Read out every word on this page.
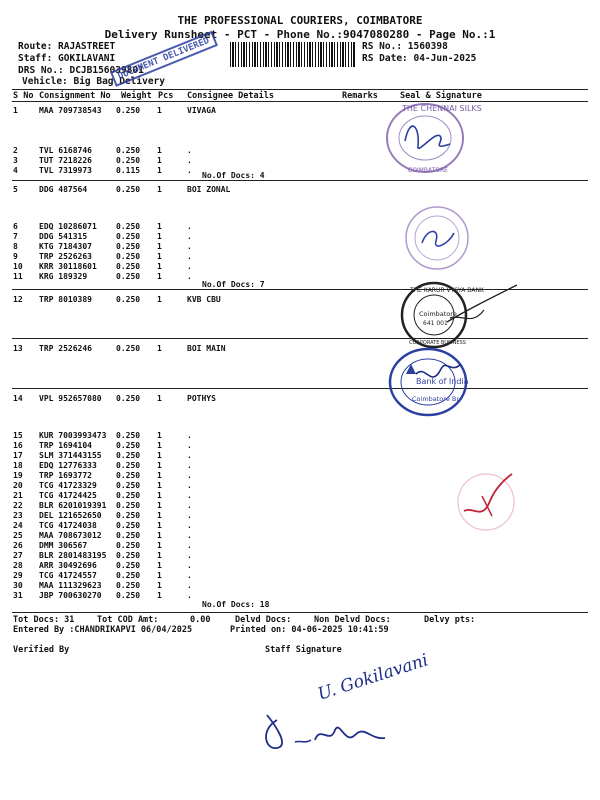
THE PROFESSIONAL COURIERS, COIMBATORE
Delivery Runsheet - PCT - Phone No.:9047080280 - Page No.:1
Route: RAJASTREET
Staff: GOKILAVANI
DRS No.: DCJB156039801
Vehicle: Big Bag Delivery
RS No.: 1560398
RS Date: 04-Jun-2025
DOCUMENT DELIVERED
S No Consignment No Weight Pcs Consignee Details	Remarks	Seal & Signature
1	MAA 709738543 0.250 1	VIVAGA
2	TVL 6168746	0.250 1	.
3	TUT 7218226	0.250 1	.
4	TVL 7319973	0.115 1	.
No.Of Docs: 4
5	DDG 487564	0.250 1	BOI ZONAL
6	EDQ 10286071 0.250 1	.
7	DDG 541315	0.250 1	.
8	KTG 7184307	0.250 1	.
9	TRP 2526263	0.250 1	.
10 KRR 30118601 0.250 1	.
11 KRG 189329	0.250 1	.
No.Of Docs: 7
12 TRP 8010389	0.250 1	KVB CBU
13 TRP 2526246	0.250 1	BOI MAIN
14 VPL 952657080 0.250 1	POTHYS
15 KUR 7003993473 0.250 1	.
16 TRP 1694104	0.250 1	.
17 SLM 371443155 0.250 1	.
18 EDQ 12776333 0.250 1	.
19 TRP 1693772	0.250 1	.
20 TCG 41723329 0.250 1	.
21 TCG 41724425 0.250 1	.
22 BLR 6201019391 0.250 1	.
23 DEL 121652650 0.250 1	.
24 TCG 41724038 0.250 1	.
25 MAA 708673012 0.250 1	.
26 DMM 306567	0.250 1	.
27 BLR 2801483195 0.250 1	.
28 ARR 30492696 0.250 1	.
29 TCG 41724557 0.250 1	.
30 MAA 111329623 0.250 1	.
31 JBP 700630270 0.250 1	.
No.Of Docs: 18
Tot Docs: 31	Tot COD Amt:	0.00	Delvd Docs:	Non Delvd Docs:	Delvy pts:
Entered By :CHANDRIKAPVI 06/04/2025	Printed on: 04-06-2025 10:41:59
Verified By	Staff Signature
THE CHENNAI SILKS
COIMBATORE
THE KARUR VYSYA BANK
Coimbatore
641 001
CORPORATE BUSINESS
Bank of India
Coimbatore Br
U. Gokilavani
